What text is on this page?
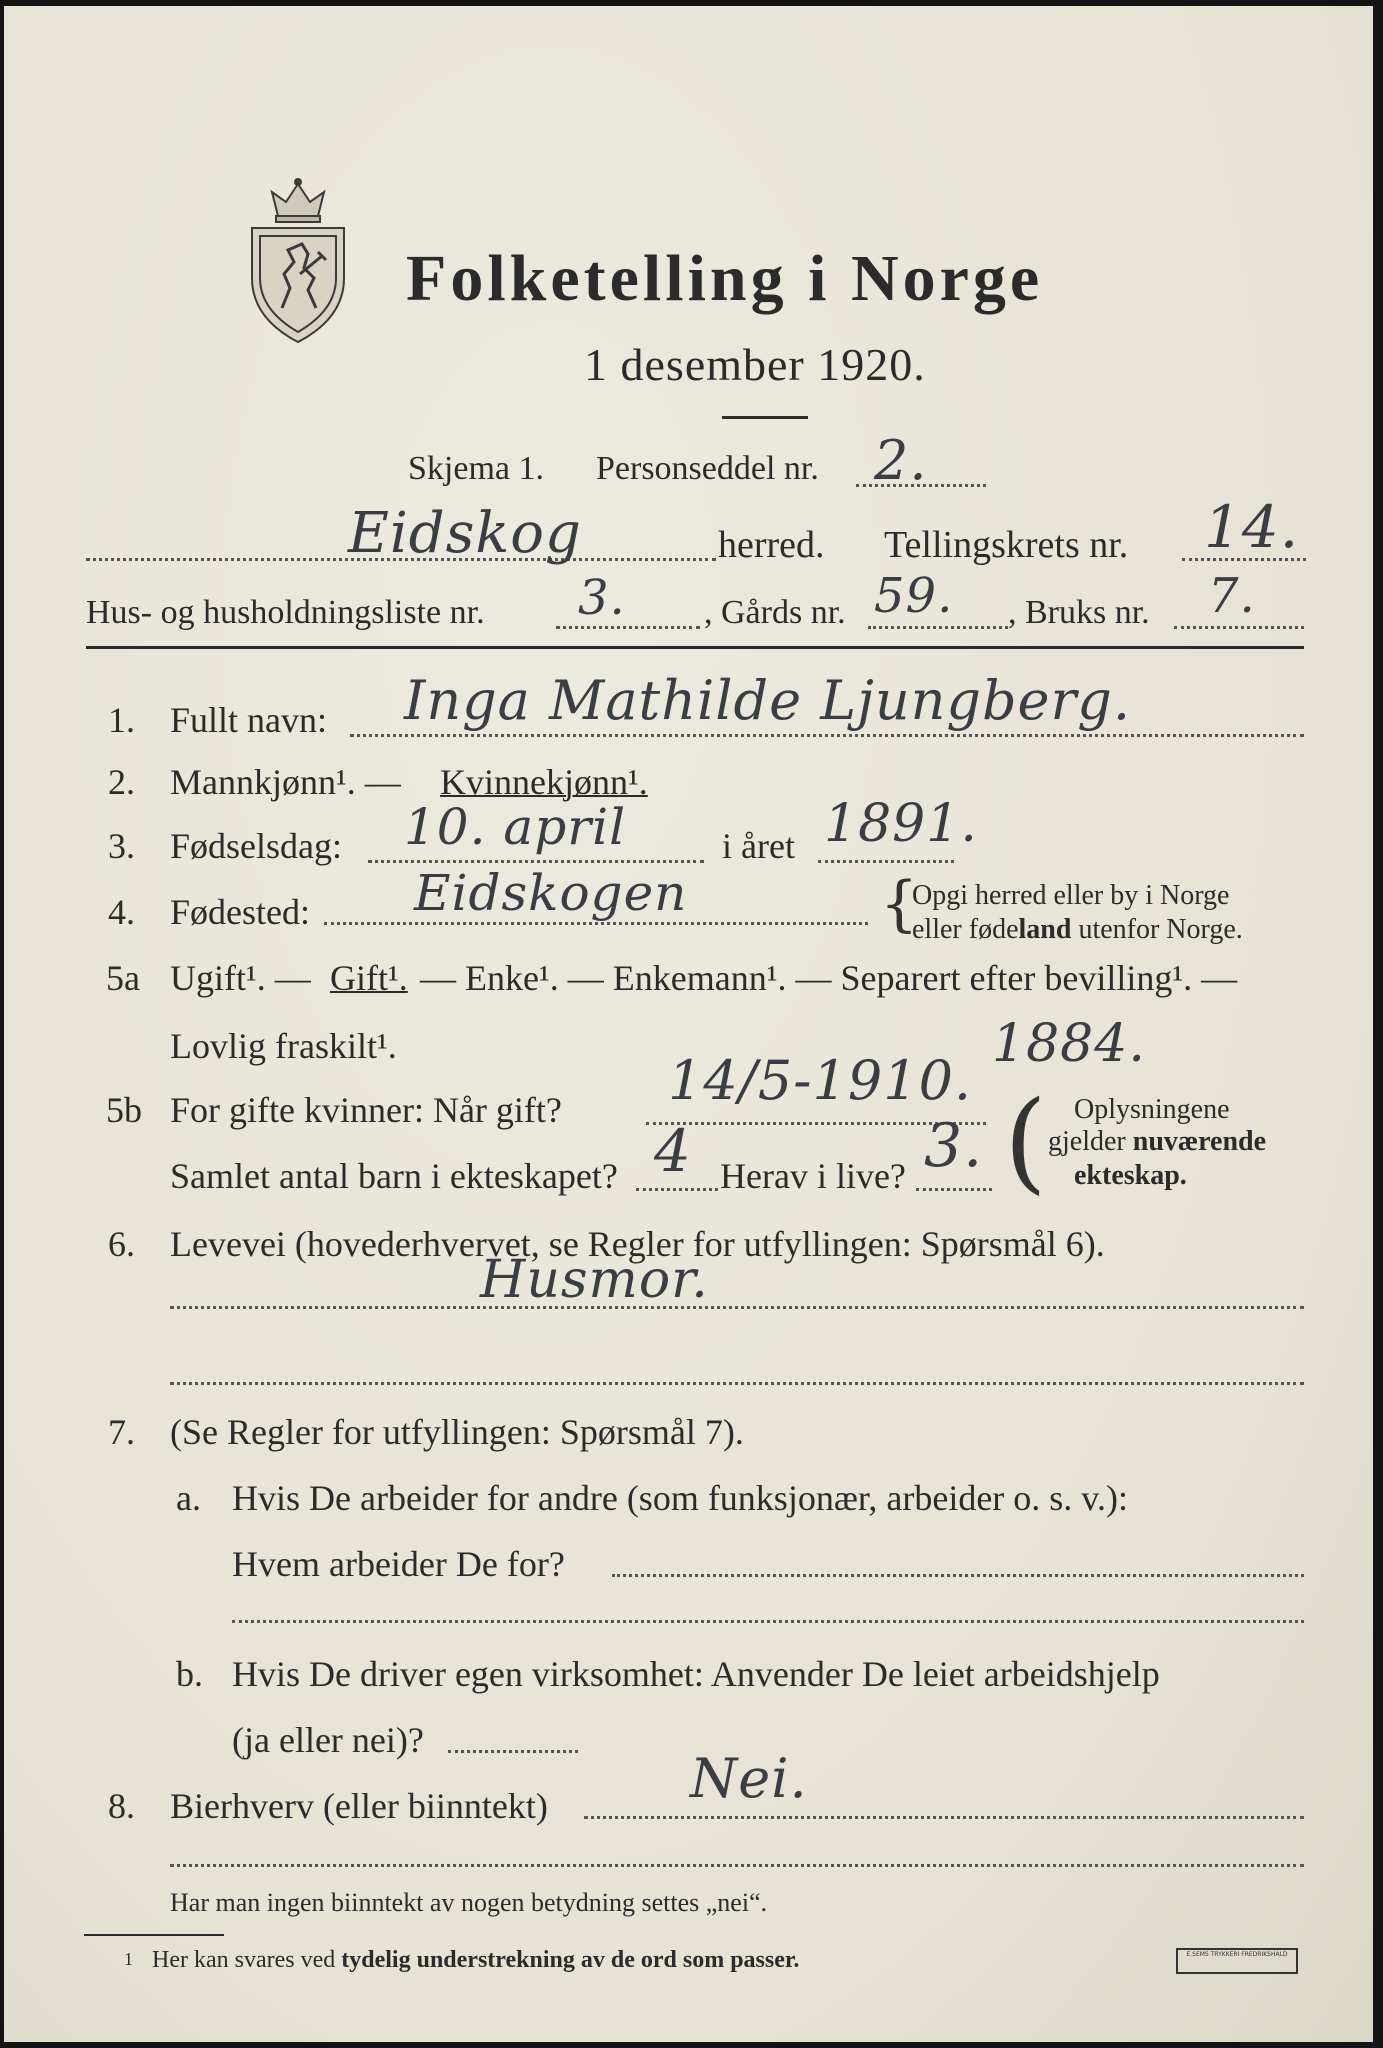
Folketelling i Norge
1 desember 1920.
Skjema 1. Personseddel nr. 2.
Eidskog	herred. Tellingskrets nr. 14.
Hus- og husholdningsliste nr. 3. , Gårds nr. 59. , Bruks nr. 7.
1. Fullt navn: Inga Mathilde Ljungberg.
2. Mannkjønn¹. — Kvinnekjønn¹.
3. Fødselsdag: 10. april	i året 1891.
4. Fødested: Eidskogen	{
Opgi herred eller by i Norge
eller fødeland utenfor Norge.
5a Ugift¹. — Gift¹. — Enke¹. — Enkemann¹. — Separert efter bevilling¹. —
Lovlig fraskilt¹.
5b For gifte kvinner: Når gift? 14/5-1910.
1884.
Samlet antal barn i ekteskapet? 4 Herav i live? 3. ( Oplysningene
gjelder nuværende
ekteskap.
6. Levevei (hovederhvervet, se Regler for utfyllingen: Spørsmål 6).
Husmor.
7. (Se Regler for utfyllingen: Spørsmål 7).
a. Hvis De arbeider for andre (som funksjonær, arbeider o. s. v.):
Hvem arbeider De for?
b. Hvis De driver egen virksomhet: Anvender De leiet arbeidshjelp
(ja eller nei)?
8. Bierhverv (eller biinntekt)	Nei.
Har man ingen biinntekt av nogen betydning settes „nei“.
1 Her kan svares ved tydelig understrekning av de ord som passer.	E.SEMS TRYKKERI FREDRIKSHALD
